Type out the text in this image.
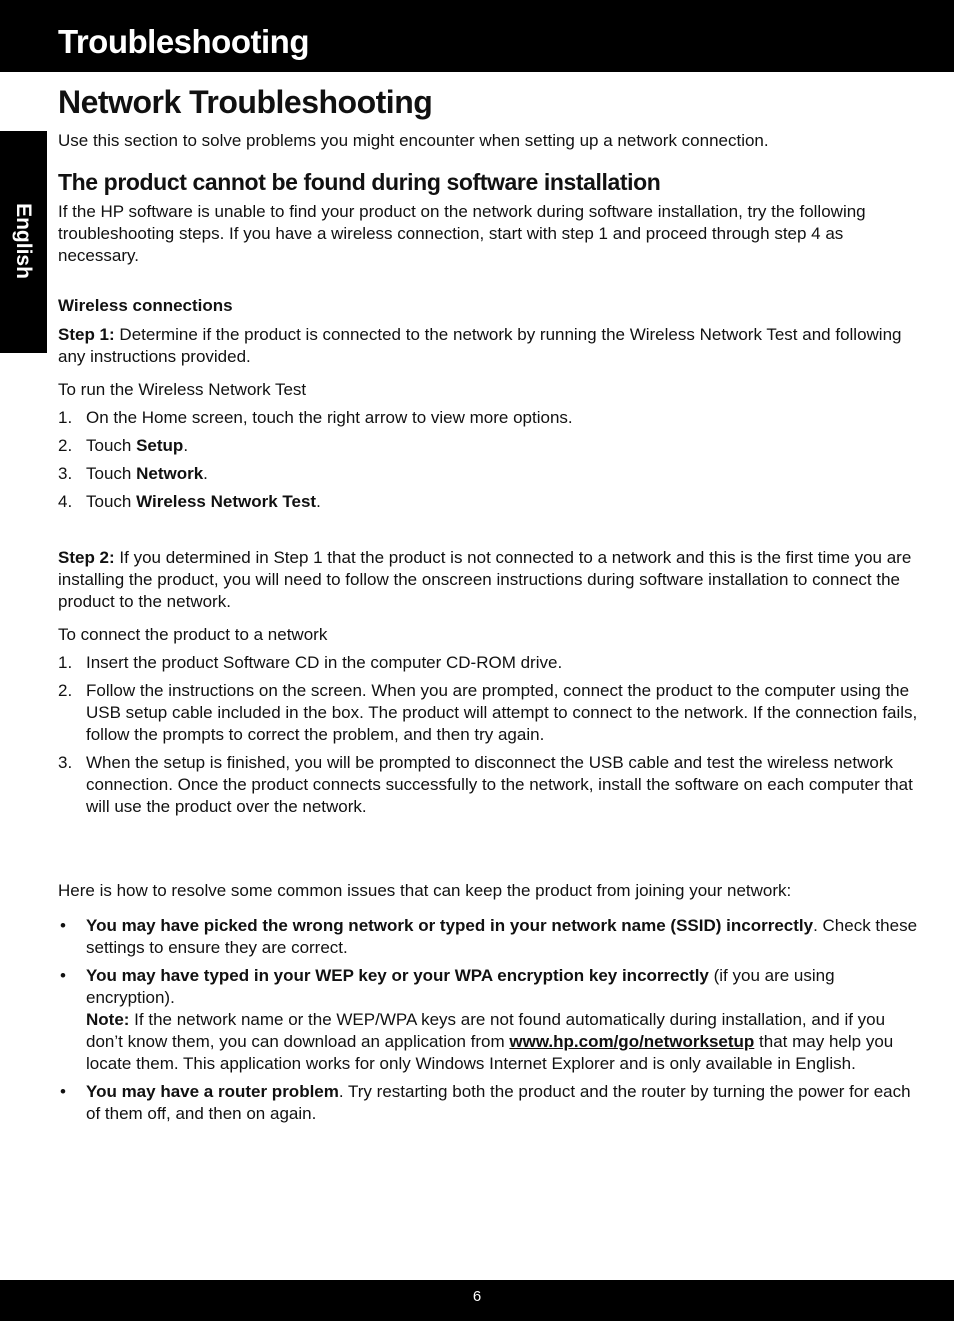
Troubleshooting
English
Network Troubleshooting

Use this section to solve problems you might encounter when setting up a network connection.

The product cannot be found during software installation

If the HP software is unable to find your product on the network during software installation, try the following troubleshooting steps. If you have a wireless connection, start with step 1 and proceed through step 4 as necessary.

Wireless connections

Step 1: Determine if the product is connected to the network by running the Wireless Network Test and following any instructions provided.

To run the Wireless Network Test

1. On the Home screen, touch the right arrow to view more options.
2. Touch Setup.
3. Touch Network.
4. Touch Wireless Network Test.

Step 2: If you determined in Step 1 that the product is not connected to a network and this is the first time you are installing the product, you will need to follow the onscreen instructions during software installation to connect the product to the network.

To connect the product to a network

1. Insert the product Software CD in the computer CD-ROM drive.
2. Follow the instructions on the screen. When you are prompted, connect the product to the computer using the USB setup cable included in the box. The product will attempt to connect to the network. If the connection fails, follow the prompts to correct the problem, and then try again.
3. When the setup is finished, you will be prompted to disconnect the USB cable and test the wireless network connection. Once the product connects successfully to the network, install the software on each computer that will use the product over the network.

Here is how to resolve some common issues that can keep the product from joining your network:

• You may have picked the wrong network or typed in your network name (SSID) incorrectly. Check these settings to ensure they are correct.
• You may have typed in your WEP key or your WPA encryption key incorrectly (if you are using encryption).
Note: If the network name or the WEP/WPA keys are not found automatically during installation, and if you don’t know them, you can download an application from www.hp.com/go/networksetup that may help you locate them. This application works for only Windows Internet Explorer and is only available in English.
• You may have a router problem. Try restarting both the product and the router by turning the power for each of them off, and then on again.
6
